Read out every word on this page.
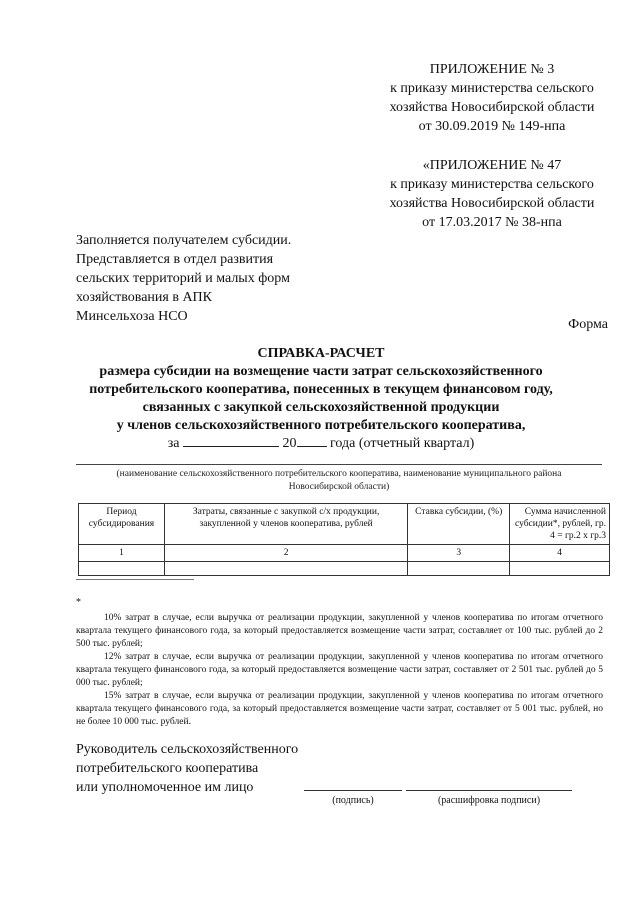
ПРИЛОЖЕНИЕ № 3
к приказу министерства сельского
хозяйства Новосибирской области
от 30.09.2019 № 149-нпа
«ПРИЛОЖЕНИЕ № 47
к приказу министерства сельского
хозяйства Новосибирской области
от 17.03.2017 № 38-нпа
Заполняется получателем субсидии.
Представляется в отдел развития
сельских территорий и малых форм
хозяйствования в АПК
Минсельхоза НСО
Форма
СПРАВКА-РАСЧЕТ
размера субсидии на возмещение части затрат сельскохозяйственного
потребительского кооператива, понесенных в текущем финансовом году,
связанных с закупкой сельскохозяйственной продукции
у членов сельскохозяйственного потребительского кооператива,
за	20 года (отчетный квартал)
(наименование сельскохозяйственного потребительского кооператива, наименование муниципального района
Новосибирской области)
Период субсидирования	Затраты, связанные с закупкой с/х продукции, закупленной у членов кооператива, рублей	Ставка субсидии, (%)	Сумма начисленной субсидии*, рублей, гр. 4 = гр.2 х гр.3
1	2	3	4

*
10% затрат в случае, если выручка от реализации продукции, закупленной у членов кооператива по итогам отчетного квартала текущего финансового года, за который предоставляется возмещение части затрат, составляет от 100 тыс. рублей до 2 500 тыс. рублей;
12% затрат в случае, если выручка от реализации продукции, закупленной у членов кооператива по итогам отчетного квартала текущего финансового года, за который предоставляется возмещение части затрат, составляет от 2 501 тыс. рублей до 5 000 тыс. рублей;
15% затрат в случае, если выручка от реализации продукции, закупленной у членов кооператива по итогам отчетного квартала текущего финансового года, за который предоставляется возмещение части затрат, составляет от 5 001 тыс. рублей, но не более 10 000 тыс. рублей.
Руководитель сельскохозяйственного
потребительского кооператива
или уполномоченное им лицо
(подпись)	(расшифровка подписи)
